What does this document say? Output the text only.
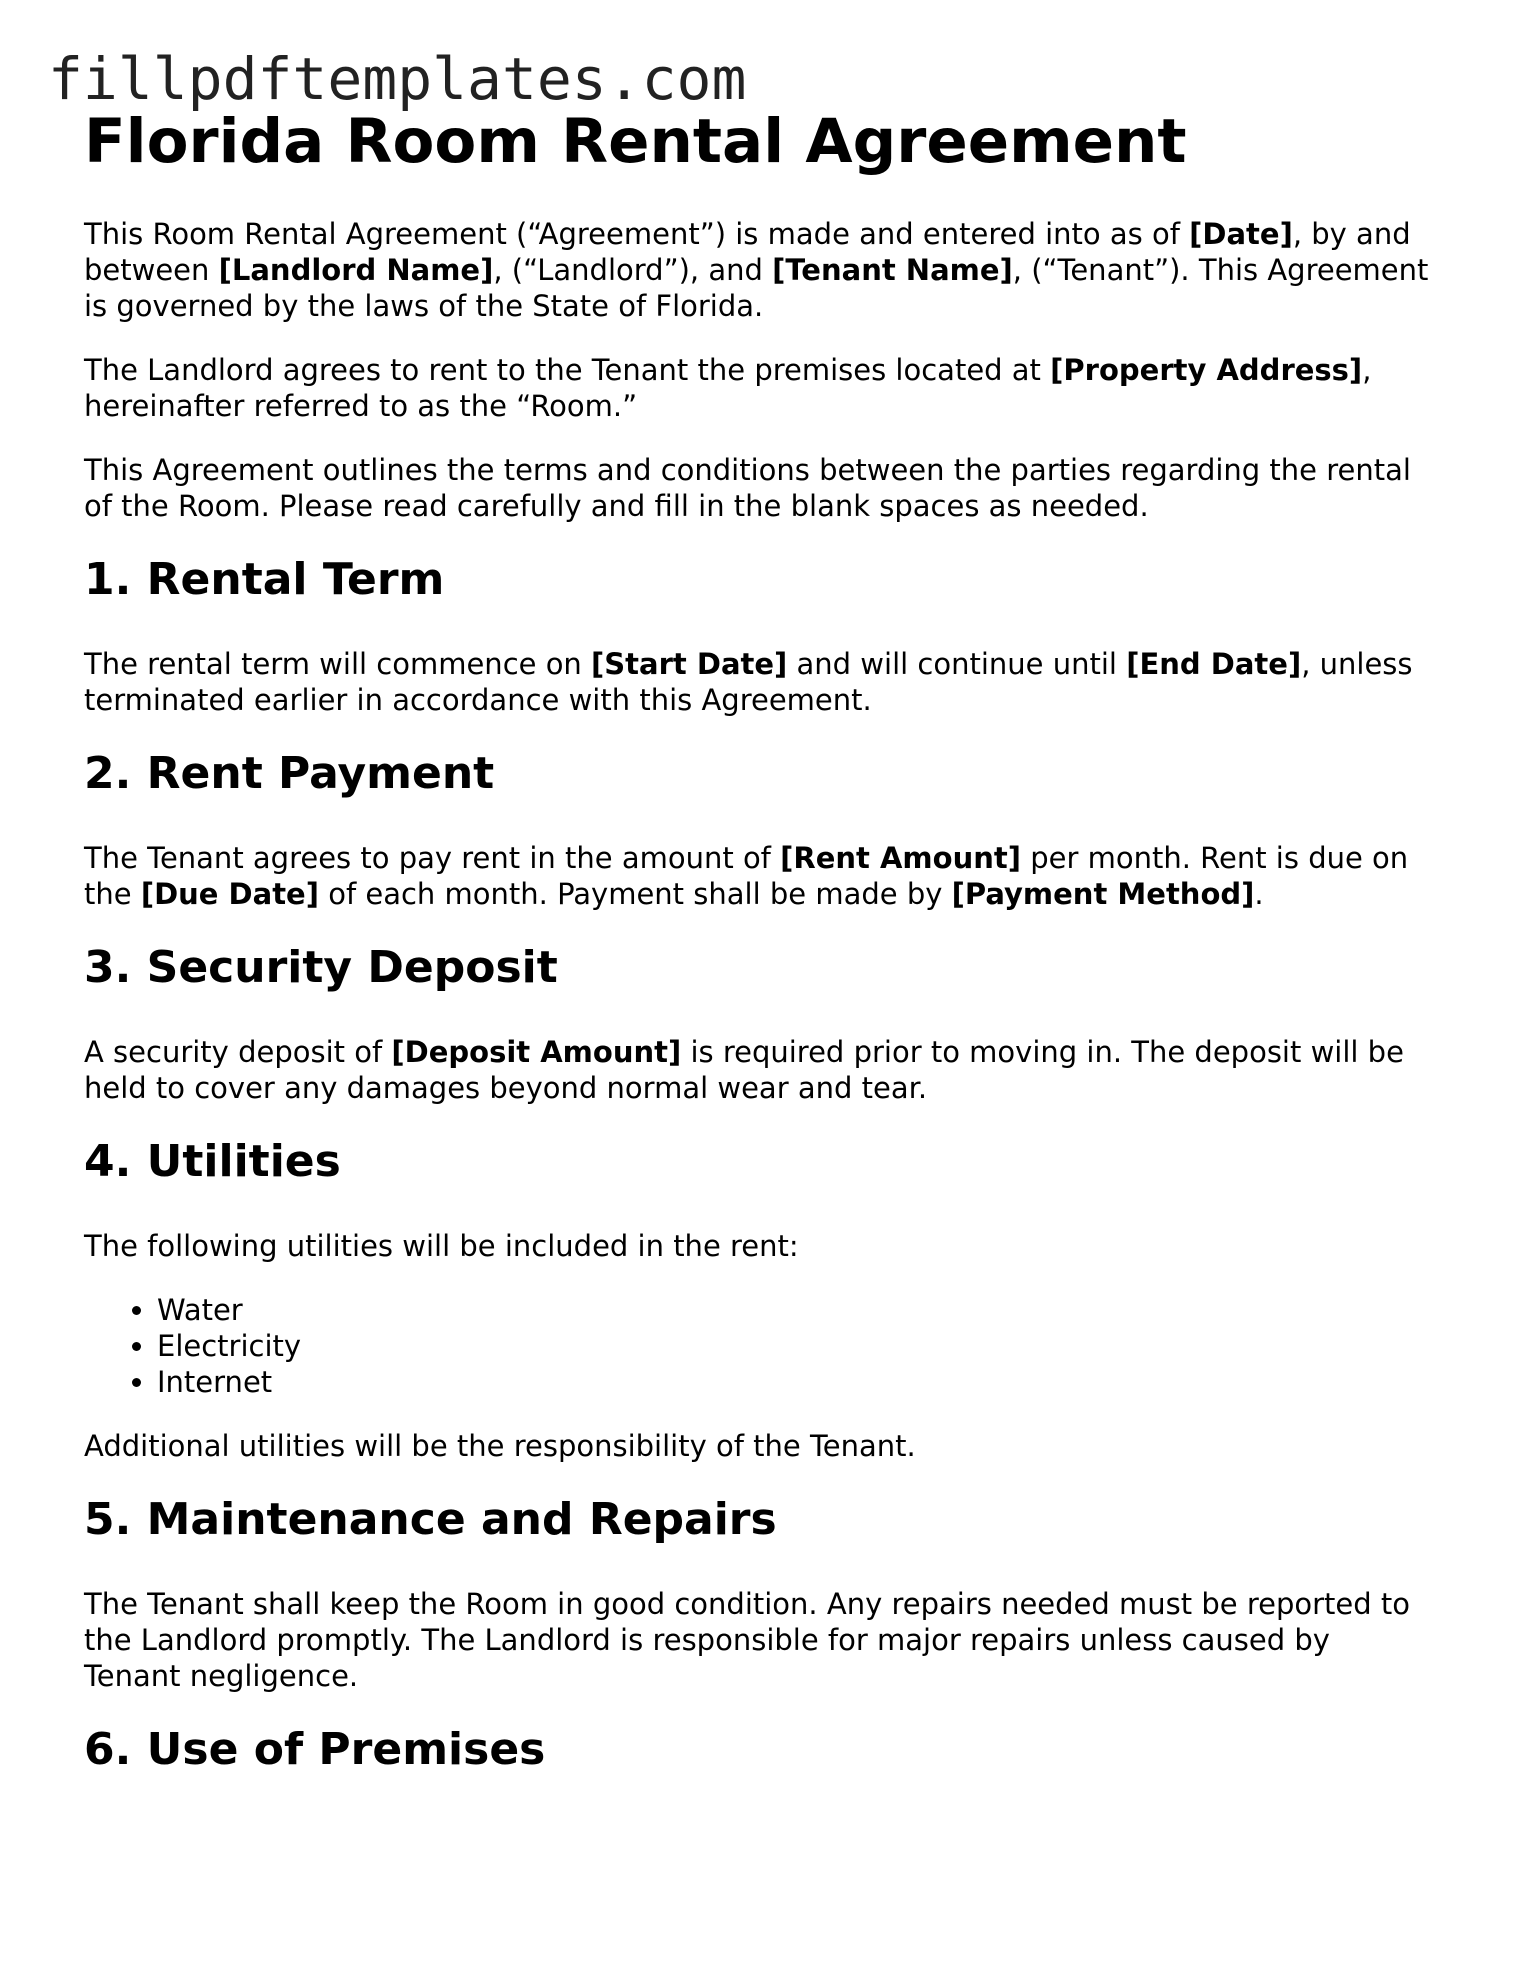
fillpdftemplates.com
Florida Room Rental Agreement

This Room Rental Agreement (“Agreement”) is made and entered into as of [Date], by and between [Landlord Name], (“Landlord”), and [Tenant Name], (“Tenant”). This Agreement is governed by the laws of the State of Florida.

The Landlord agrees to rent to the Tenant the premises located at [Property Address], hereinafter referred to as the “Room.”

This Agreement outlines the terms and conditions between the parties regarding the rental of the Room. Please read carefully and fill in the blank spaces as needed.

1. Rental Term

The rental term will commence on [Start Date] and will continue until [End Date], unless terminated earlier in accordance with this Agreement.

2. Rent Payment

The Tenant agrees to pay rent in the amount of [Rent Amount] per month. Rent is due on the [Due Date] of each month. Payment shall be made by [Payment Method].

3. Security Deposit

A security deposit of [Deposit Amount] is required prior to moving in. The deposit will be held to cover any damages beyond normal wear and tear.

4. Utilities

The following utilities will be included in the rent:

• Water
• Electricity
• Internet

Additional utilities will be the responsibility of the Tenant.

5. Maintenance and Repairs

The Tenant shall keep the Room in good condition. Any repairs needed must be reported to the Landlord promptly. The Landlord is responsible for major repairs unless caused by Tenant negligence.

6. Use of Premises
